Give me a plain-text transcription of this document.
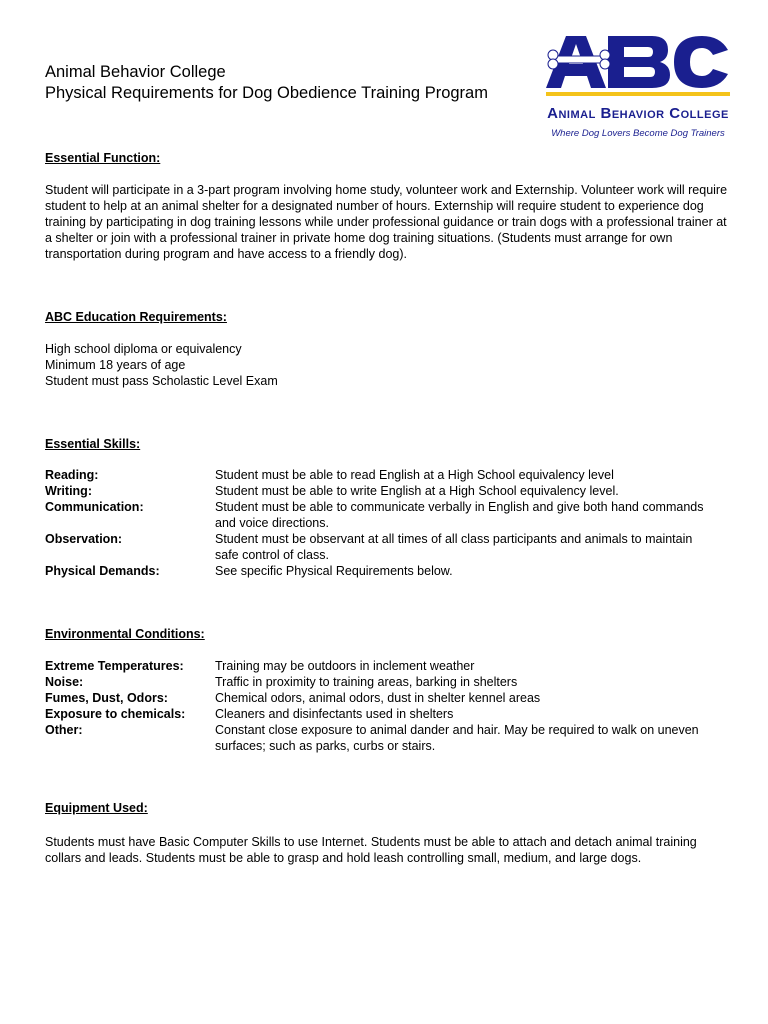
Animal Behavior College
Physical Requirements for Dog Obedience Training Program
Animal Behavior College
Where Dog Lovers Become Dog Trainers
Essential Function:
Student will participate in a 3-part program involving home study, volunteer work and Externship. Volunteer work will require student to help at an animal shelter for a designated number of hours. Externship will require student to experience dog training by participating in dog training lessons while under professional guidance or train dogs with a professional trainer at a shelter or join with a professional trainer in private home dog training situations. (Students must arrange for own transportation during program and have access to a friendly dog).
ABC Education Requirements:
High school diploma or equivalency
Minimum 18 years of age
Student must pass Scholastic Level Exam
Essential Skills:
Reading:	Student must be able to read English at a High School equivalency level
Writing:	Student must be able to write English at a High School equivalency level.
Communication:	Student must be able to communicate verbally in English and give both hand commands and voice directions.
Observation:	Student must be observant at all times of all class participants and animals to maintain safe control of class.
Physical Demands:	See specific Physical Requirements below.
Environmental Conditions:
Extreme Temperatures:	Training may be outdoors in inclement weather
Noise:	Traffic in proximity to training areas, barking in shelters
Fumes, Dust, Odors:	Chemical odors, animal odors, dust in shelter kennel areas
Exposure to chemicals: Cleaners and disinfectants used in shelters
Other:	Constant close exposure to animal dander and hair. May be required to walk on uneven surfaces; such as parks, curbs or stairs.
Equipment Used:
Students must have Basic Computer Skills to use Internet. Students must be able to attach and detach animal training collars and leads. Students must be able to grasp and hold leash controlling small, medium, and large dogs.
